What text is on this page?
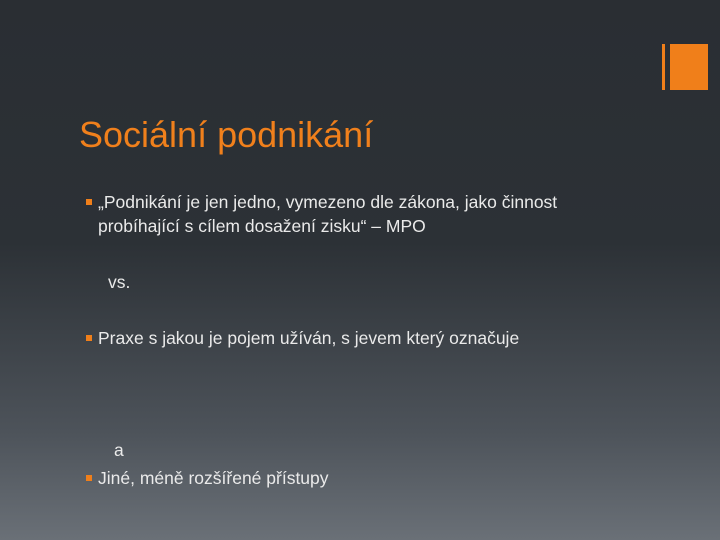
Sociální podnikání
„Podnikání je jen jedno, vymezeno dle zákona, jako činnost probíhající s cílem dosažení zisku“ – MPO
vs.
Praxe s jakou je pojem užíván, s jevem který označuje
a
Jiné, méně rozšířené přístupy
